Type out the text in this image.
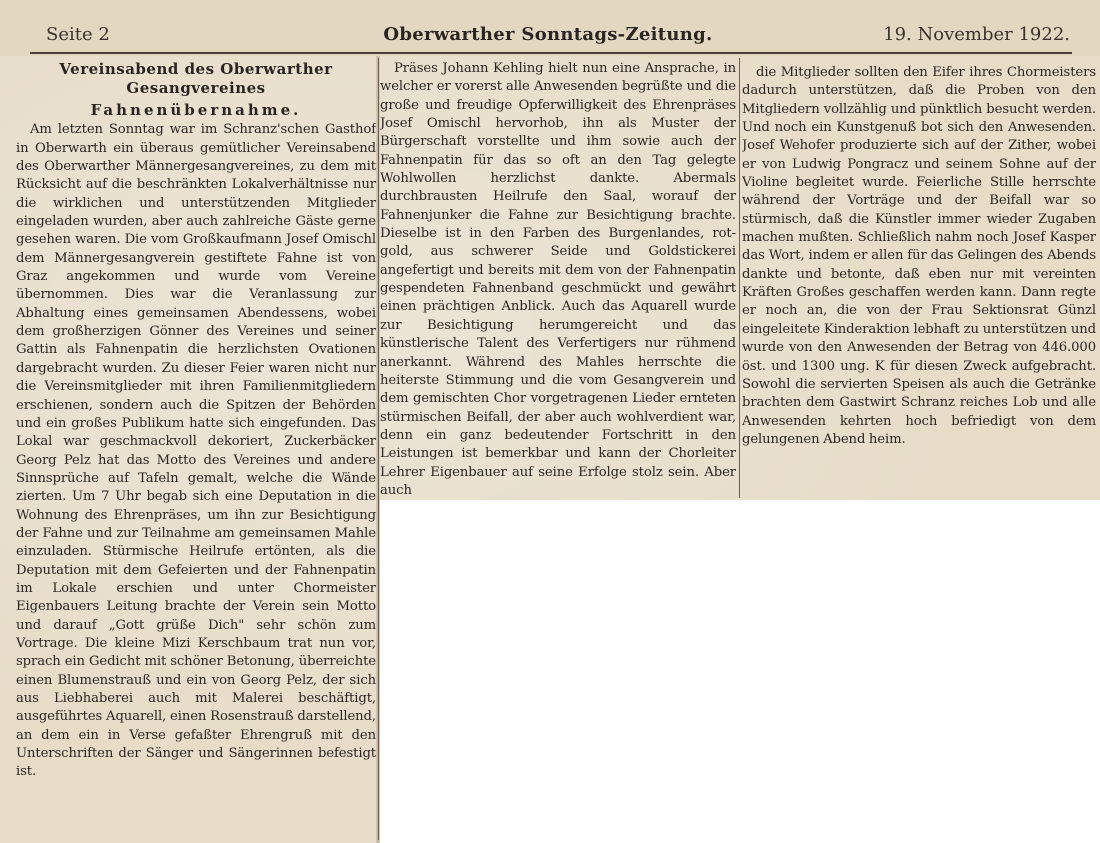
Seite 2	Oberwarther Sonntags-Zeitung.	19. November 1922.
Vereinsabend des Oberwarther
Gesangvereines
Fahnenübernahme.

Am letzten Sonntag war im Schranz'schen Gasthof in Oberwarth ein überaus gemütlicher Vereinsabend des Oberwarther Männergesangvereines, zu dem mit Rücksicht auf die beschränkten Lokalverhältnisse nur die wirklichen und unterstützenden Mitglieder eingeladen wurden, aber auch zahlreiche Gäste gerne gesehen waren. Die vom Großkaufmann Josef Omischl dem Männergesangverein gestiftete Fahne ist von Graz angekommen und wurde vom Vereine übernommen. Dies war die Veranlassung zur Abhaltung eines gemeinsamen Abendessens, wobei dem großherzigen Gönner des Vereines und seiner Gattin als Fahnenpatin die herzlichsten Ovationen dargebracht wurden. Zu dieser Feier waren nicht nur die Vereinsmitglieder mit ihren Familienmitgliedern erschienen, sondern auch die Spitzen der Behörden und ein großes Publikum hatte sich eingefunden. Das Lokal war geschmackvoll dekoriert, Zuckerbäcker Georg Pelz hat das Motto des Vereines und andere Sinnsprüche auf Tafeln gemalt, welche die Wände zierten. Um 7 Uhr begab sich eine Deputation in die Wohnung des Ehrenpräses, um ihn zur Besichtigung der Fahne und zur Teilnahme am gemeinsamen Mahle einzuladen. Stürmische Heilrufe ertönten, als die Deputation mit dem Gefeierten und der Fahnenpatin im Lokale erschien und unter Chormeister Eigenbauers Leitung brachte der Verein sein Motto und darauf „Gott grüße Dich" sehr schön zum Vortrage. Die kleine Mizi Kerschbaum trat nun vor, sprach ein Gedicht mit schöner Betonung, überreichte einen Blumenstrauß und ein von Georg Pelz, der sich aus Liebhaberei auch mit Malerei beschäftigt, ausgeführtes Aquarell, einen Rosenstrauß darstellend, an dem ein in Verse gefaßter Ehrengruß mit den Unterschriften der Sänger und Sängerinnen befestigt ist.

Präses Johann Kehling hielt nun eine Ansprache, in welcher er vorerst alle Anwesenden begrüßte und die große und freudige Opferwilligkeit des Ehrenpräses Josef Omischl hervorhob, ihn als Muster der Bürgerschaft vorstellte und ihm sowie auch der Fahnenpatin für das so oft an den Tag gelegte Wohlwollen herzlichst dankte. Abermals durchbrausten Heilrufe den Saal, worauf der Fahnenjunker die Fahne zur Besichtigung brachte. Dieselbe ist in den Farben des Burgenlandes, rot-gold, aus schwerer Seide und Goldstickerei angefertigt und bereits mit dem von der Fahnenpatin gespendeten Fahnenband geschmückt und gewährt einen prächtigen Anblick. Auch das Aquarell wurde zur Besichtigung herumgereicht und das künstlerische Talent des Verfertigers nur rühmend anerkannt. Während des Mahles herrschte die heiterste Stimmung und die vom Gesangverein und dem gemischten Chor vorgetragenen Lieder ernteten stürmischen Beifall, der aber auch wohlverdient war, denn ein ganz bedeutender Fortschritt in den Leistungen ist bemerkbar und kann der Chorleiter Lehrer Eigenbauer auf seine Erfolge stolz sein. Aber auch

die Mitglieder sollten den Eifer ihres Chormeisters dadurch unterstützen, daß die Proben von den Mitgliedern vollzählig und pünktlich besucht werden. Und noch ein Kunstgenuß bot sich den Anwesenden. Josef Wehofer produzierte sich auf der Zither, wobei er von Ludwig Pongracz und seinem Sohne auf der Violine begleitet wurde. Feierliche Stille herrschte während der Vorträge und der Beifall war so stürmisch, daß die Künstler immer wieder Zugaben machen mußten. Schließlich nahm noch Josef Kasper das Wort, indem er allen für das Gelingen des Abends dankte und betonte, daß eben nur mit vereinten Kräften Großes geschaffen werden kann. Dann regte er noch an, die von der Frau Sektionsrat Günzl eingeleitete Kinderaktion lebhaft zu unterstützen und wurde von den Anwesenden der Betrag von 446.000 öst. und 1300 ung. K für diesen Zweck aufgebracht. Sowohl die servierten Speisen als auch die Getränke brachten dem Gastwirt Schranz reiches Lob und alle Anwesenden kehrten hoch befriedigt von dem gelungenen Abend heim.
